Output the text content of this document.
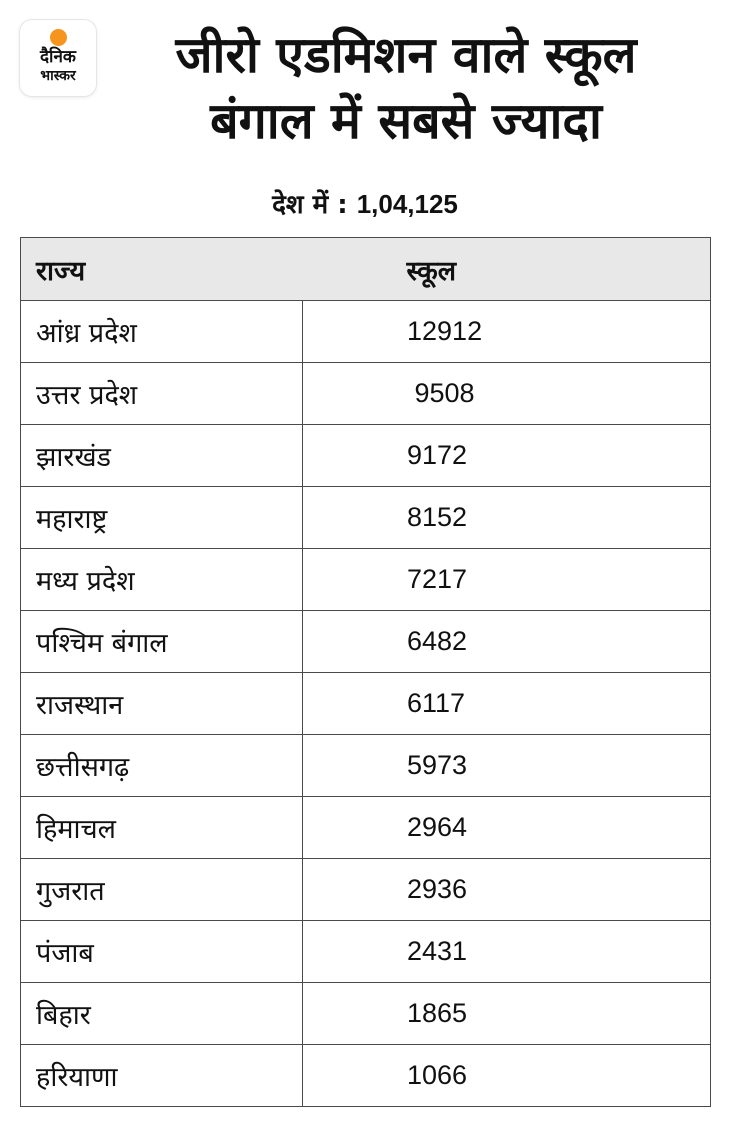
दैनिक
भास्कर	जीरो एडमिशन वाले स्कूल
बंगाल में सबसे ज्यादा
देश में : 1,04,125
राज्य	स्कूल
आंध्र प्रदेश	12912
उत्तर प्रदेश	9508
झारखंड	9172
महाराष्ट्र	8152
मध्य प्रदेश	7217
पश्चिम बंगाल	6482
राजस्थान	6117
छत्तीसगढ़	5973
हिमाचल	2964
गुजरात	2936
पंजाब	2431
बिहार	1865
हरियाणा	1066
